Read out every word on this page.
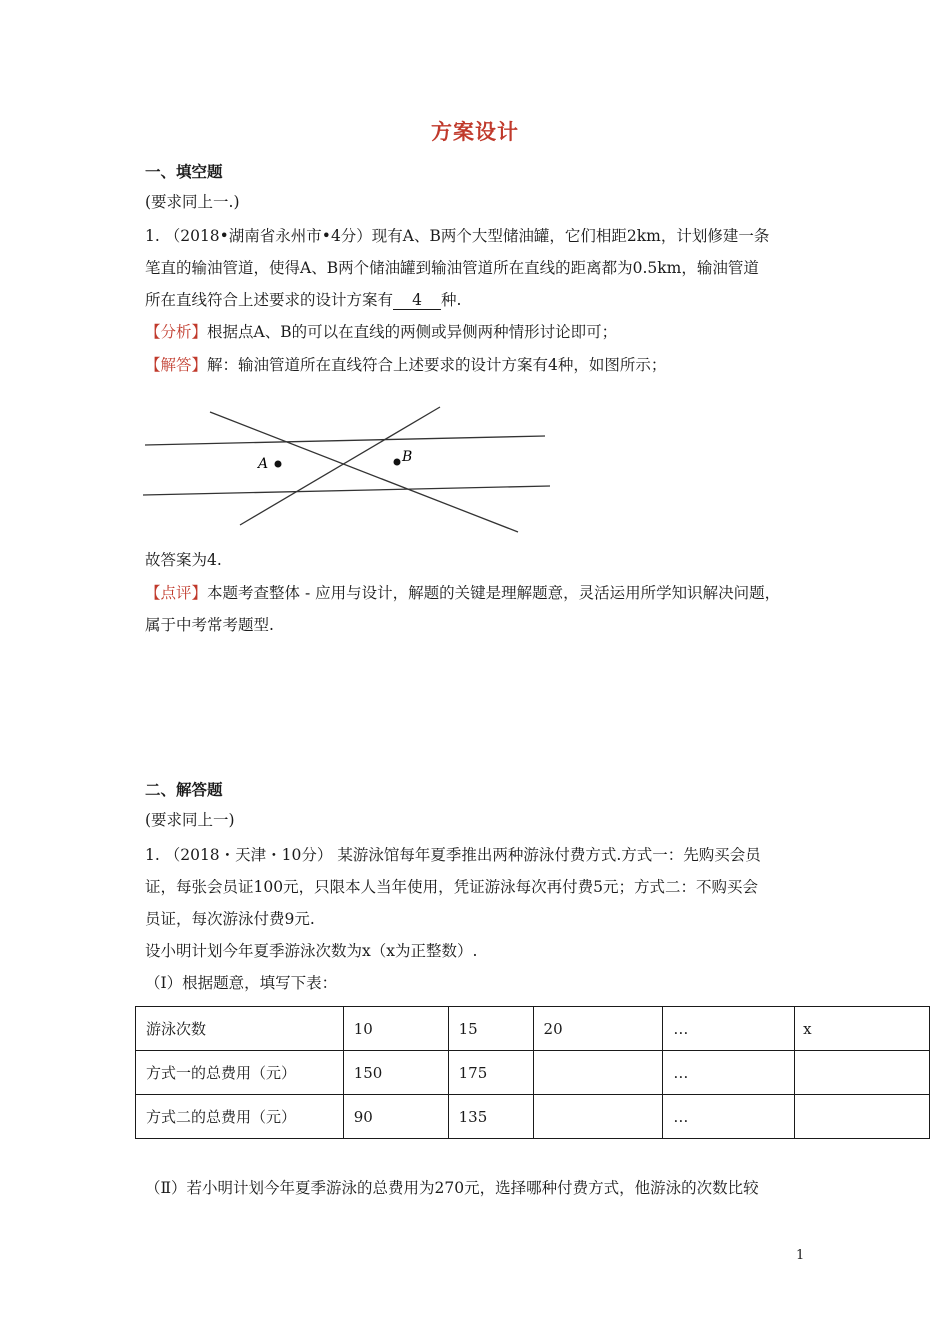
方案设计
一、填空题
(要求同上一.)
1. （2018•湖南省永州市•4分）现有A、B两个大型储油罐，它们相距2km，计划修建一条
笔直的输油管道，使得A、B两个储油罐到输油管道所在直线的距离都为0.5km，输油管道
所在直线符合上述要求的设计方案有 4 种.
【分析】根据点A、B的可以在直线的两侧或异侧两种情形讨论即可；
【解答】解：输油管道所在直线符合上述要求的设计方案有4种，如图所示；
A	B
故答案为4.
【点评】本题考查整体 - 应用与设计，解题的关键是理解题意，灵活运用所学知识解决问题，
属于中考常考题型.
二、解答题
(要求同上一)
1. （2018・天津・10分） 某游泳馆每年夏季推出两种游泳付费方式.方式一：先购买会员
证，每张会员证100元，只限本人当年使用，凭证游泳每次再付费5元；方式二：不购买会
员证，每次游泳付费9元.
设小明计划今年夏季游泳次数为x（x为正整数）.
（Ⅰ）根据题意，填写下表：
游泳次数	10	15	20	…	x
方式一的总费用（元）	150	175		…	
方式二的总费用（元）	90	135		…	
（Ⅱ）若小明计划今年夏季游泳的总费用为270元，选择哪种付费方式，他游泳的次数比较
1
